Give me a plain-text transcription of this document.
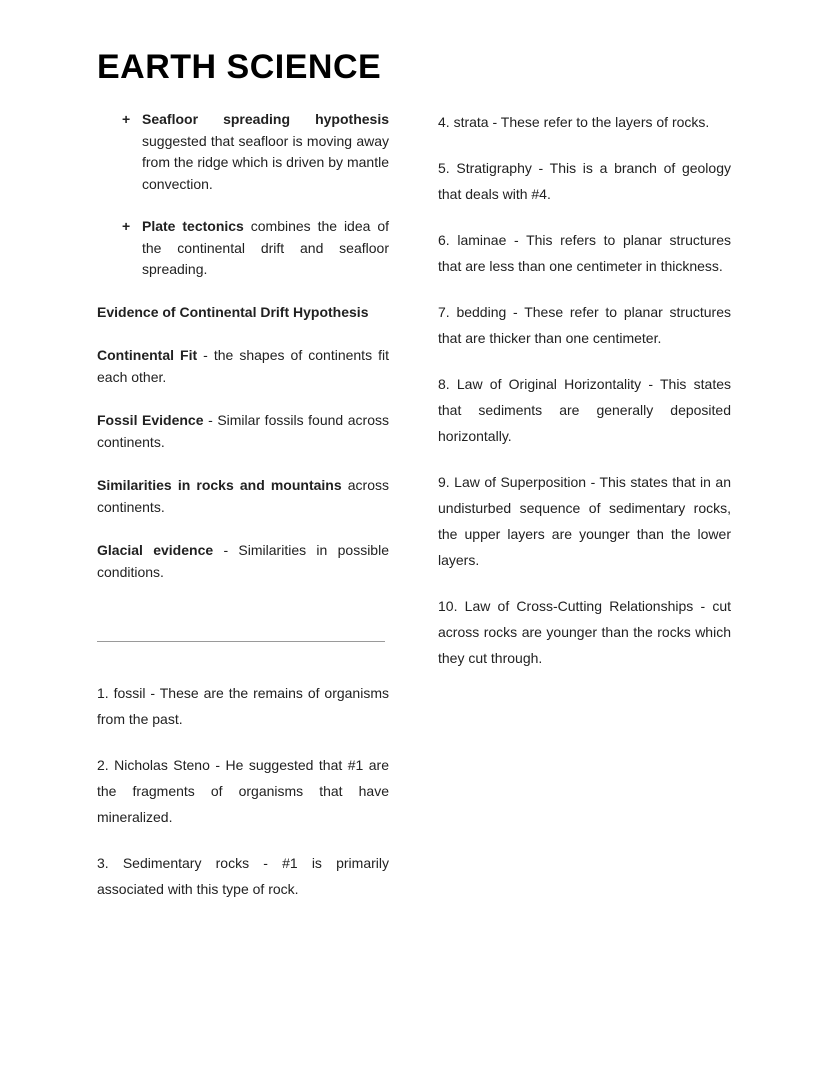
EARTH SCIENCE
+ Seafloor spreading hypothesis suggested that seafloor is moving away from the ridge which is driven by mantle convection.

+ Plate tectonics combines the idea of the continental drift and seafloor spreading.

Evidence of Continental Drift Hypothesis

Continental Fit - the shapes of continents fit each other.

Fossil Evidence - Similar fossils found across continents.

Similarities in rocks and mountains across continents.

Glacial evidence - Similarities in possible conditions.

1. fossil - These are the remains of organisms from the past.

2. Nicholas Steno - He suggested that #1 are the fragments of organisms that have mineralized.

3. Sedimentary rocks - #1 is primarily associated with this type of rock.

4. strata - These refer to the layers of rocks.

5. Stratigraphy - This is a branch of geology that deals with #4.

6. laminae - This refers to planar structures that are less than one centimeter in thickness.

7. bedding - These refer to planar structures that are thicker than one centimeter.

8. Law of Original Horizontality - This states that sediments are generally deposited horizontally.

9. Law of Superposition - This states that in an undisturbed sequence of sedimentary rocks, the upper layers are younger than the lower layers.

10. Law of Cross-Cutting Relationships - cut across rocks are younger than the rocks which they cut through.
